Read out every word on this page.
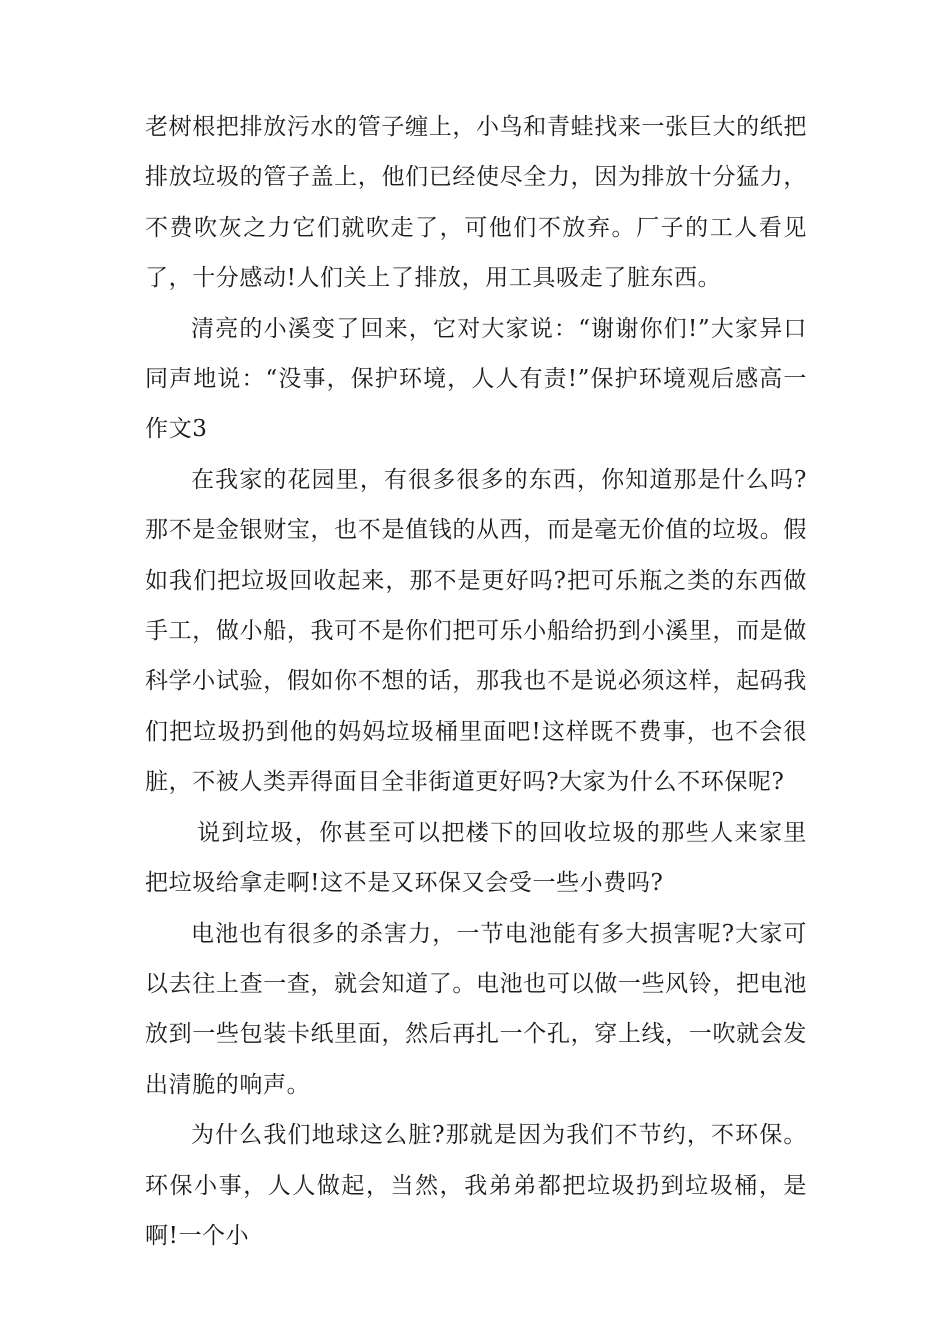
老树根把排放污水的管子缠上，小鸟和青蛙找来一张巨大的纸把排放垃圾的管子盖上，他们已经使尽全力，因为排放十分猛力，不费吹灰之力它们就吹走了，可他们不放弃。厂子的工人看见了，十分感动!人们关上了排放，用工具吸走了脏东西。

清亮的小溪变了回来，它对大家说：“谢谢你们!”大家异口同声地说：“没事，保护环境，人人有责!”保护环境观后感高一作文3

在我家的花园里，有很多很多的东西，你知道那是什么吗?那不是金银财宝，也不是值钱的从西，而是毫无价值的垃圾。假如我们把垃圾回收起来，那不是更好吗?把可乐瓶之类的东西做手工，做小船，我可不是你们把可乐小船给扔到小溪里，而是做科学小试验，假如你不想的话，那我也不是说必须这样，起码我们把垃圾扔到他的妈妈垃圾桶里面吧!这样既不费事，也不会很脏，不被人类弄得面目全非街道更好吗?大家为什么不环保呢?

说到垃圾，你甚至可以把楼下的回收垃圾的那些人来家里把垃圾给拿走啊!这不是又环保又会受一些小费吗?

电池也有很多的杀害力，一节电池能有多大损害呢?大家可以去往上查一查，就会知道了。电池也可以做一些风铃，把电池放到一些包装卡纸里面，然后再扎一个孔，穿上线，一吹就会发出清脆的响声。

为什么我们地球这么脏?那就是因为我们不节约，不环保。环保小事，人人做起，当然，我弟弟都把垃圾扔到垃圾桶，是啊!一个小
